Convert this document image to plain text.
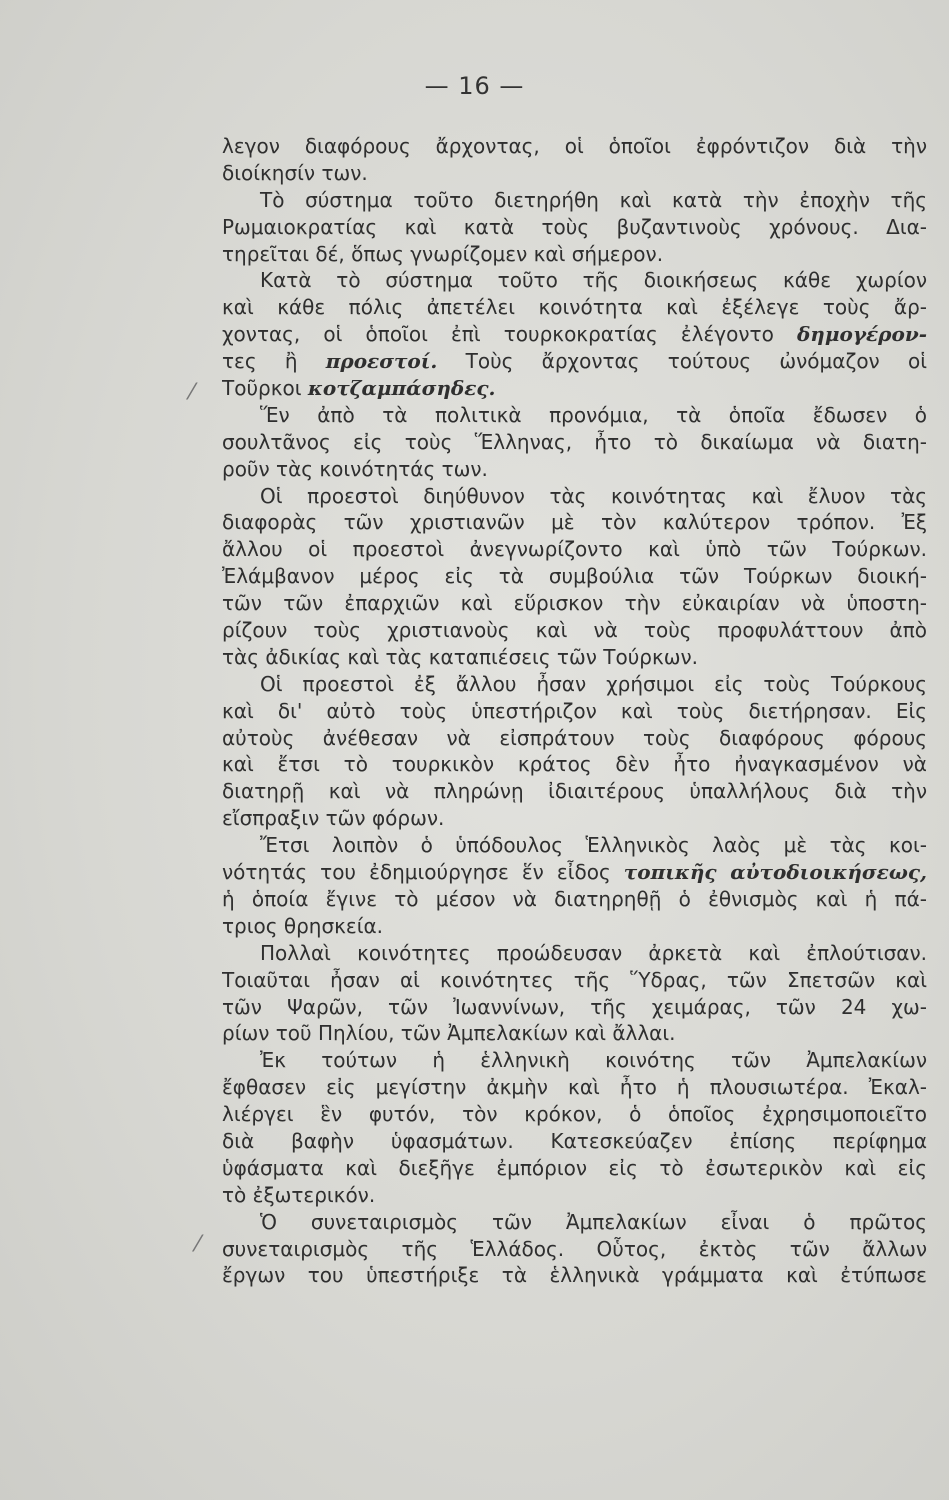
— 16 —
⁄
⁄
λεγον διαφόρους ἄρχοντας, οἱ ὁποῖοι ἐφρόντιζον διὰ τὴν
διοίκησίν των.
Τὸ σύστημα τοῦτο διετηρήθη καὶ κατὰ τὴν ἐποχὴν τῆς
Ρωμαιοκρατίας καὶ κατὰ τοὺς βυζαντινοὺς χρόνους. Δια-
τηρεῖται δέ, ὅπως γνωρίζομεν καὶ σήμερον.
Κατὰ τὸ σύστημα τοῦτο τῆς διοικήσεως κάθε χωρίον
καὶ κάθε πόλις ἀπετέλει κοινότητα καὶ ἐξέλεγε τοὺς ἄρ-
χοντας, οἱ ὁποῖοι ἐπὶ τουρκοκρατίας ἐλέγοντο δημογέρον-
τες ἢ προεστοί. Τοὺς ἄρχοντας τούτους ὠνόμαζον οἱ
Τοῦρκοι κοτζαμπάσηδες.
Ἕν ἀπὸ τὰ πολιτικὰ προνόμια, τὰ ὁποῖα ἔδωσεν ὁ
σουλτᾶνος εἰς τοὺς Ἕλληνας, ἦτο τὸ δικαίωμα νὰ διατη-
ροῦν τὰς κοινότητάς των.
Οἱ προεστοὶ διηύθυνον τὰς κοινότητας καὶ ἔλυον τὰς
διαφορὰς τῶν χριστιανῶν μὲ τὸν καλύτερον τρόπον. Ἐξ
ἄλλου οἱ προεστοὶ ἀνεγνωρίζοντο καὶ ὑπὸ τῶν Τούρκων.
Ἐλάμβανον μέρος εἰς τὰ συμβούλια τῶν Τούρκων διοική-
τῶν τῶν ἐπαρχιῶν καὶ εὕρισκον τὴν εὐκαιρίαν νὰ ὑποστη-
ρίζουν τοὺς χριστιανοὺς καὶ νὰ τοὺς προφυλάττουν ἀπὸ
τὰς ἀδικίας καὶ τὰς καταπιέσεις τῶν Τούρκων.
Οἱ προεστοὶ ἐξ ἄλλου ἦσαν χρήσιμοι εἰς τοὺς Τούρκους
καὶ δι' αὐτὸ τοὺς ὑπεστήριζον καὶ τοὺς διετήρησαν. Εἰς
αὐτοὺς ἀνέθεσαν νὰ εἰσπράτουν τοὺς διαφόρους φόρους
καὶ ἔτσι τὸ τουρκικὸν κράτος δὲν ἦτο ἠναγκασμένον νὰ
διατηρῇ καὶ νὰ πληρώνῃ ἰδιαιτέρους ὑπαλλήλους διὰ τὴν
εἴσπραξιν τῶν φόρων.
Ἔτσι λοιπὸν ὁ ὑπόδουλος Ἑλληνικὸς λαὸς μὲ τὰς κοι-
νότητάς του ἐδημιούργησε ἕν εἶδος τοπικῆς αὐτοδιοικήσεως,
ἡ ὁποία ἔγινε τὸ μέσον νὰ διατηρηθῇ ὁ ἐθνισμὸς καὶ ἡ πά-
τριος θρησκεία.
Πολλαὶ κοινότητες προώδευσαν ἀρκετὰ καὶ ἐπλούτισαν.
Τοιαῦται ἦσαν αἱ κοινότητες τῆς Ὕδρας, τῶν Σπετσῶν καὶ
τῶν Ψαρῶν, τῶν Ἰωαννίνων, τῆς χειμάρας, τῶν 24 χω-
ρίων τοῦ Πηλίου, τῶν Ἀμπελακίων καὶ ἄλλαι.
Ἐκ τούτων ἡ ἑλληνικὴ κοινότης τῶν Ἀμπελακίων
ἔφθασεν εἰς μεγίστην ἀκμὴν καὶ ἦτο ἡ πλουσιωτέρα. Ἐκαλ-
λιέργει ἓν φυτόν, τὸν κρόκον, ὁ ὁποῖος ἐχρησιμοποιεῖτο
διὰ βαφὴν ὑφασμάτων. Κατεσκεύαζεν ἐπίσης περίφημα
ὑφάσματα καὶ διεξῆγε ἐμπόριον εἰς τὸ ἐσωτερικὸν καὶ εἰς
τὸ ἐξωτερικόν.
Ὁ συνεταιρισμὸς τῶν Ἀμπελακίων εἶναι ὁ πρῶτος
συνεταιρισμὸς τῆς Ἑλλάδος. Οὗτος, ἐκτὸς τῶν ἄλλων
ἔργων του ὑπεστήριξε τὰ ἑλληνικὰ γράμματα καὶ ἐτύπωσε
